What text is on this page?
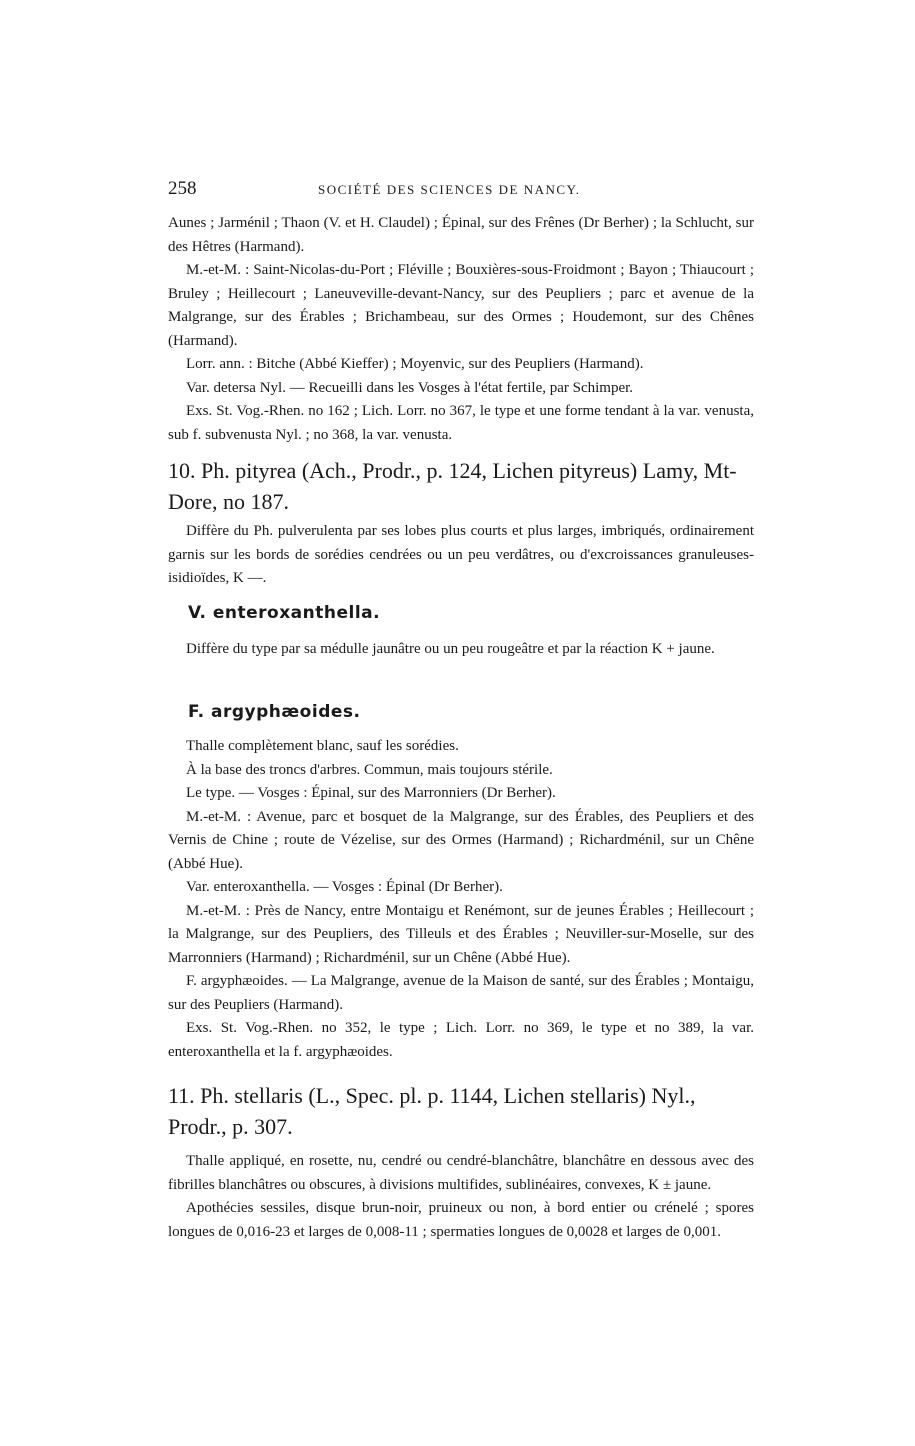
258	SOCIÉTÉ DES SCIENCES DE NANCY.

Aunes ; Jarménil ; Thaon (V. et H. Claudel) ; Épinal, sur des Frênes (Dr Berher) ; la Schlucht, sur des Hêtres (Harmand).

M.-et-M. : Saint-Nicolas-du-Port ; Fléville ; Bouxières-sous-Froidmont ; Bayon ; Thiaucourt ; Bruley ; Heillecourt ; Laneuveville-devant-Nancy, sur des Peupliers ; parc et avenue de la Malgrange, sur des Érables ; Brichambeau, sur des Ormes ; Houdemont, sur des Chênes (Harmand).

Lorr. ann. : Bitche (Abbé Kieffer) ; Moyenvic, sur des Peupliers (Harmand).

Var. detersa Nyl. — Recueilli dans les Vosges à l'état fertile, par Schimper.

Exs. St. Vog.-Rhen. no 162 ; Lich. Lorr. no 367, le type et une forme tendant à la var. venusta, sub f. subvenusta Nyl. ; no 368, la var. venusta.

10. Ph. pityrea (Ach., Prodr., p. 124, Lichen pityreus) Lamy, Mt-Dore, no 187.

Diffère du Ph. pulverulenta par ses lobes plus courts et plus larges, imbriqués, ordinairement garnis sur les bords de sorédies cendrées ou un peu verdâtres, ou d'excroissances granuleuses-isidioïdes, K —.

V. enteroxanthella.

Diffère du type par sa médulle jaunâtre ou un peu rougeâtre et par la réaction K + jaune.

F. argyphæoides.

Thalle complètement blanc, sauf les sorédies.

À la base des troncs d'arbres. Commun, mais toujours stérile.

Le type. — Vosges : Épinal, sur des Marronniers (Dr Berher).

M.-et-M. : Avenue, parc et bosquet de la Malgrange, sur des Érables, des Peupliers et des Vernis de Chine ; route de Vézelise, sur des Ormes (Harmand) ; Richardménil, sur un Chêne (Abbé Hue).

Var. enteroxanthella. — Vosges : Épinal (Dr Berher).

M.-et-M. : Près de Nancy, entre Montaigu et Renémont, sur de jeunes Érables ; Heillecourt ; la Malgrange, sur des Peupliers, des Tilleuls et des Érables ; Neuviller-sur-Moselle, sur des Marronniers (Harmand) ; Richardménil, sur un Chêne (Abbé Hue).

F. argyphæoides. — La Malgrange, avenue de la Maison de santé, sur des Érables ; Montaigu, sur des Peupliers (Harmand).

Exs. St. Vog.-Rhen. no 352, le type ; Lich. Lorr. no 369, le type et no 389, la var. enteroxanthella et la f. argyphæoides.

11. Ph. stellaris (L., Spec. pl. p. 1144, Lichen stellaris) Nyl., Prodr., p. 307.

Thalle appliqué, en rosette, nu, cendré ou cendré-blanchâtre, blanchâtre en dessous avec des fibrilles blanchâtres ou obscures, à divisions multifides, sublinéaires, convexes, K ± jaune.

Apothécies sessiles, disque brun-noir, pruineux ou non, à bord entier ou crénelé ; spores longues de 0,016-23 et larges de 0,008-11 ; spermaties longues de 0,0028 et larges de 0,001.
